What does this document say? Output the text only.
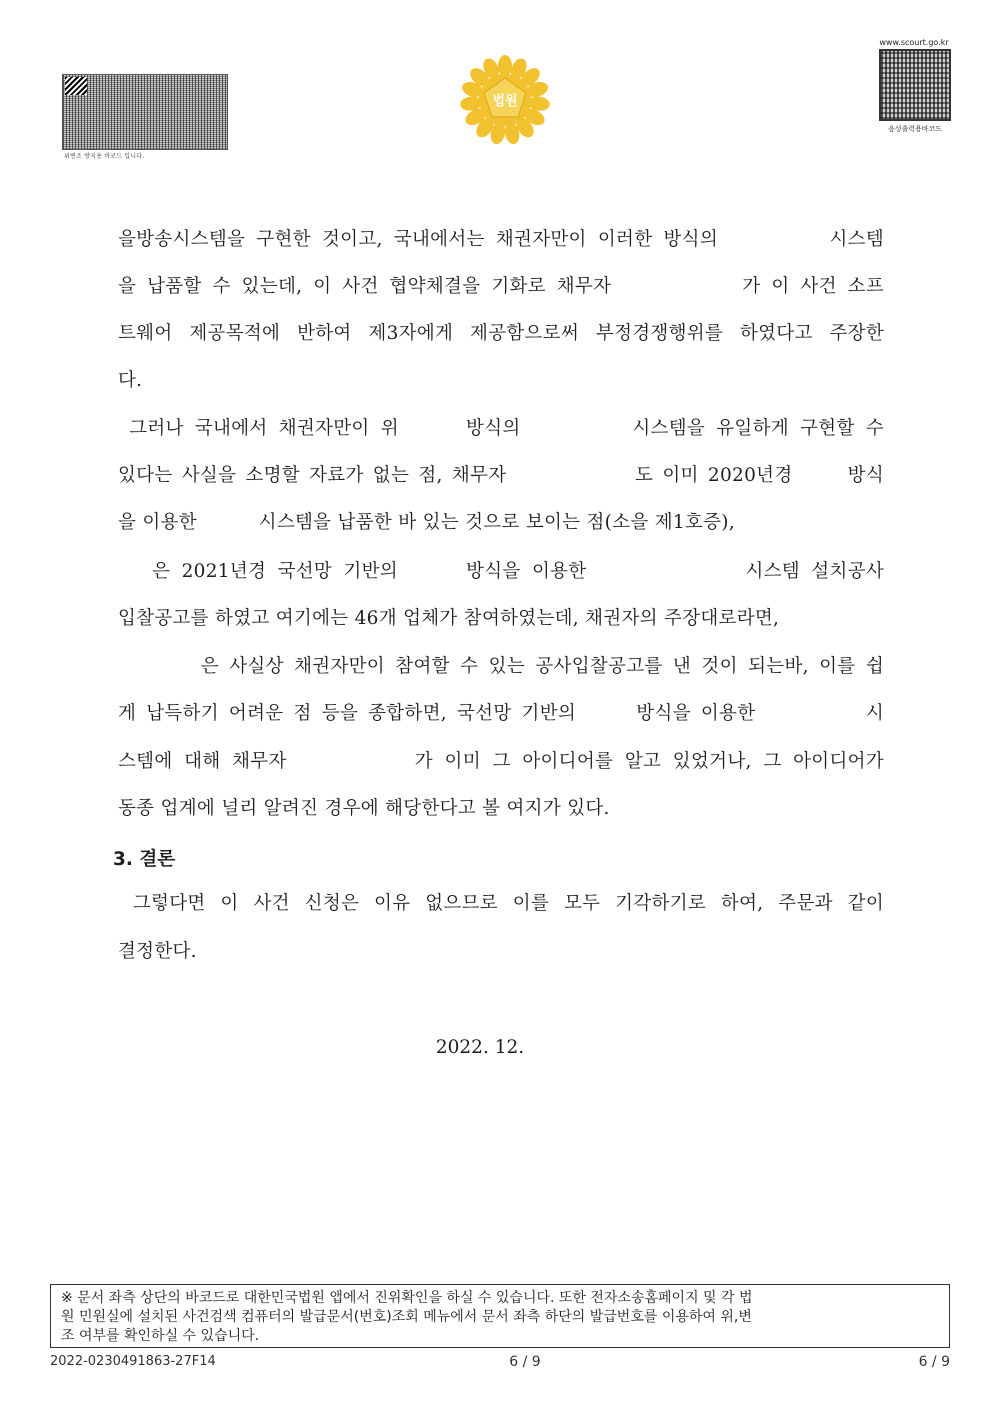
위변조 방지용 바코드 입니다.
www.scourt.go.kr
음성출력용바코드
법원
을방송시스템을 구현한 것이고, 국내에서는 채권자만이 이러한 방식의          시스템
을 납품할 수 있는데, 이 사건 협약체결을 기화로 채무자            가 이 사건 소프
트웨어 제공목적에 반하여 제3자에게 제공함으로써 부정경쟁행위를 하였다고 주장한
다.
그러나 국내에서 채권자만이 위      방식의          시스템을 유일하게 구현할 수
있다는 사실을 소명할 자료가 없는 점, 채무자              도 이미 2020년경      방식
을 이용한          시스템을 납품한 바 있는 것으로 보이는 점(소을 제1호증),
은 2021년경 국선망 기반의      방식을 이용한              시스템 설치공사
입찰공고를 하였고 여기에는 46개 업체가 참여하였는데, 채권자의 주장대로라면,
은 사실상 채권자만이 참여할 수 있는 공사입찰공고를 낸 것이 되는바, 이를 쉽
게 납득하기 어려운 점 등을 종합하면, 국선망 기반의      방식을 이용한           시
스템에 대해 채무자           가 이미 그 아이디어를 알고 있었거나, 그 아이디어가
동종 업계에 널리 알려진 경우에 해당한다고 볼 여지가 있다.
3. 결론
그렇다면 이 사건 신청은 이유 없으므로 이를 모두 기각하기로 하여, 주문과 같이
결정한다.
2022. 12.
※ 문서 좌측 상단의 바코드로 대한민국법원 앱에서 진위확인을 하실 수 있습니다. 또한 전자소송홈페이지 및 각 법
원 민원실에 설치된 사건검색 컴퓨터의 발급문서(번호)조회 메뉴에서 문서 좌측 하단의 발급번호를 이용하여 위,변
조 여부를 확인하실 수 있습니다.
2022-0230491863-27F14	6 / 9	6 / 9
